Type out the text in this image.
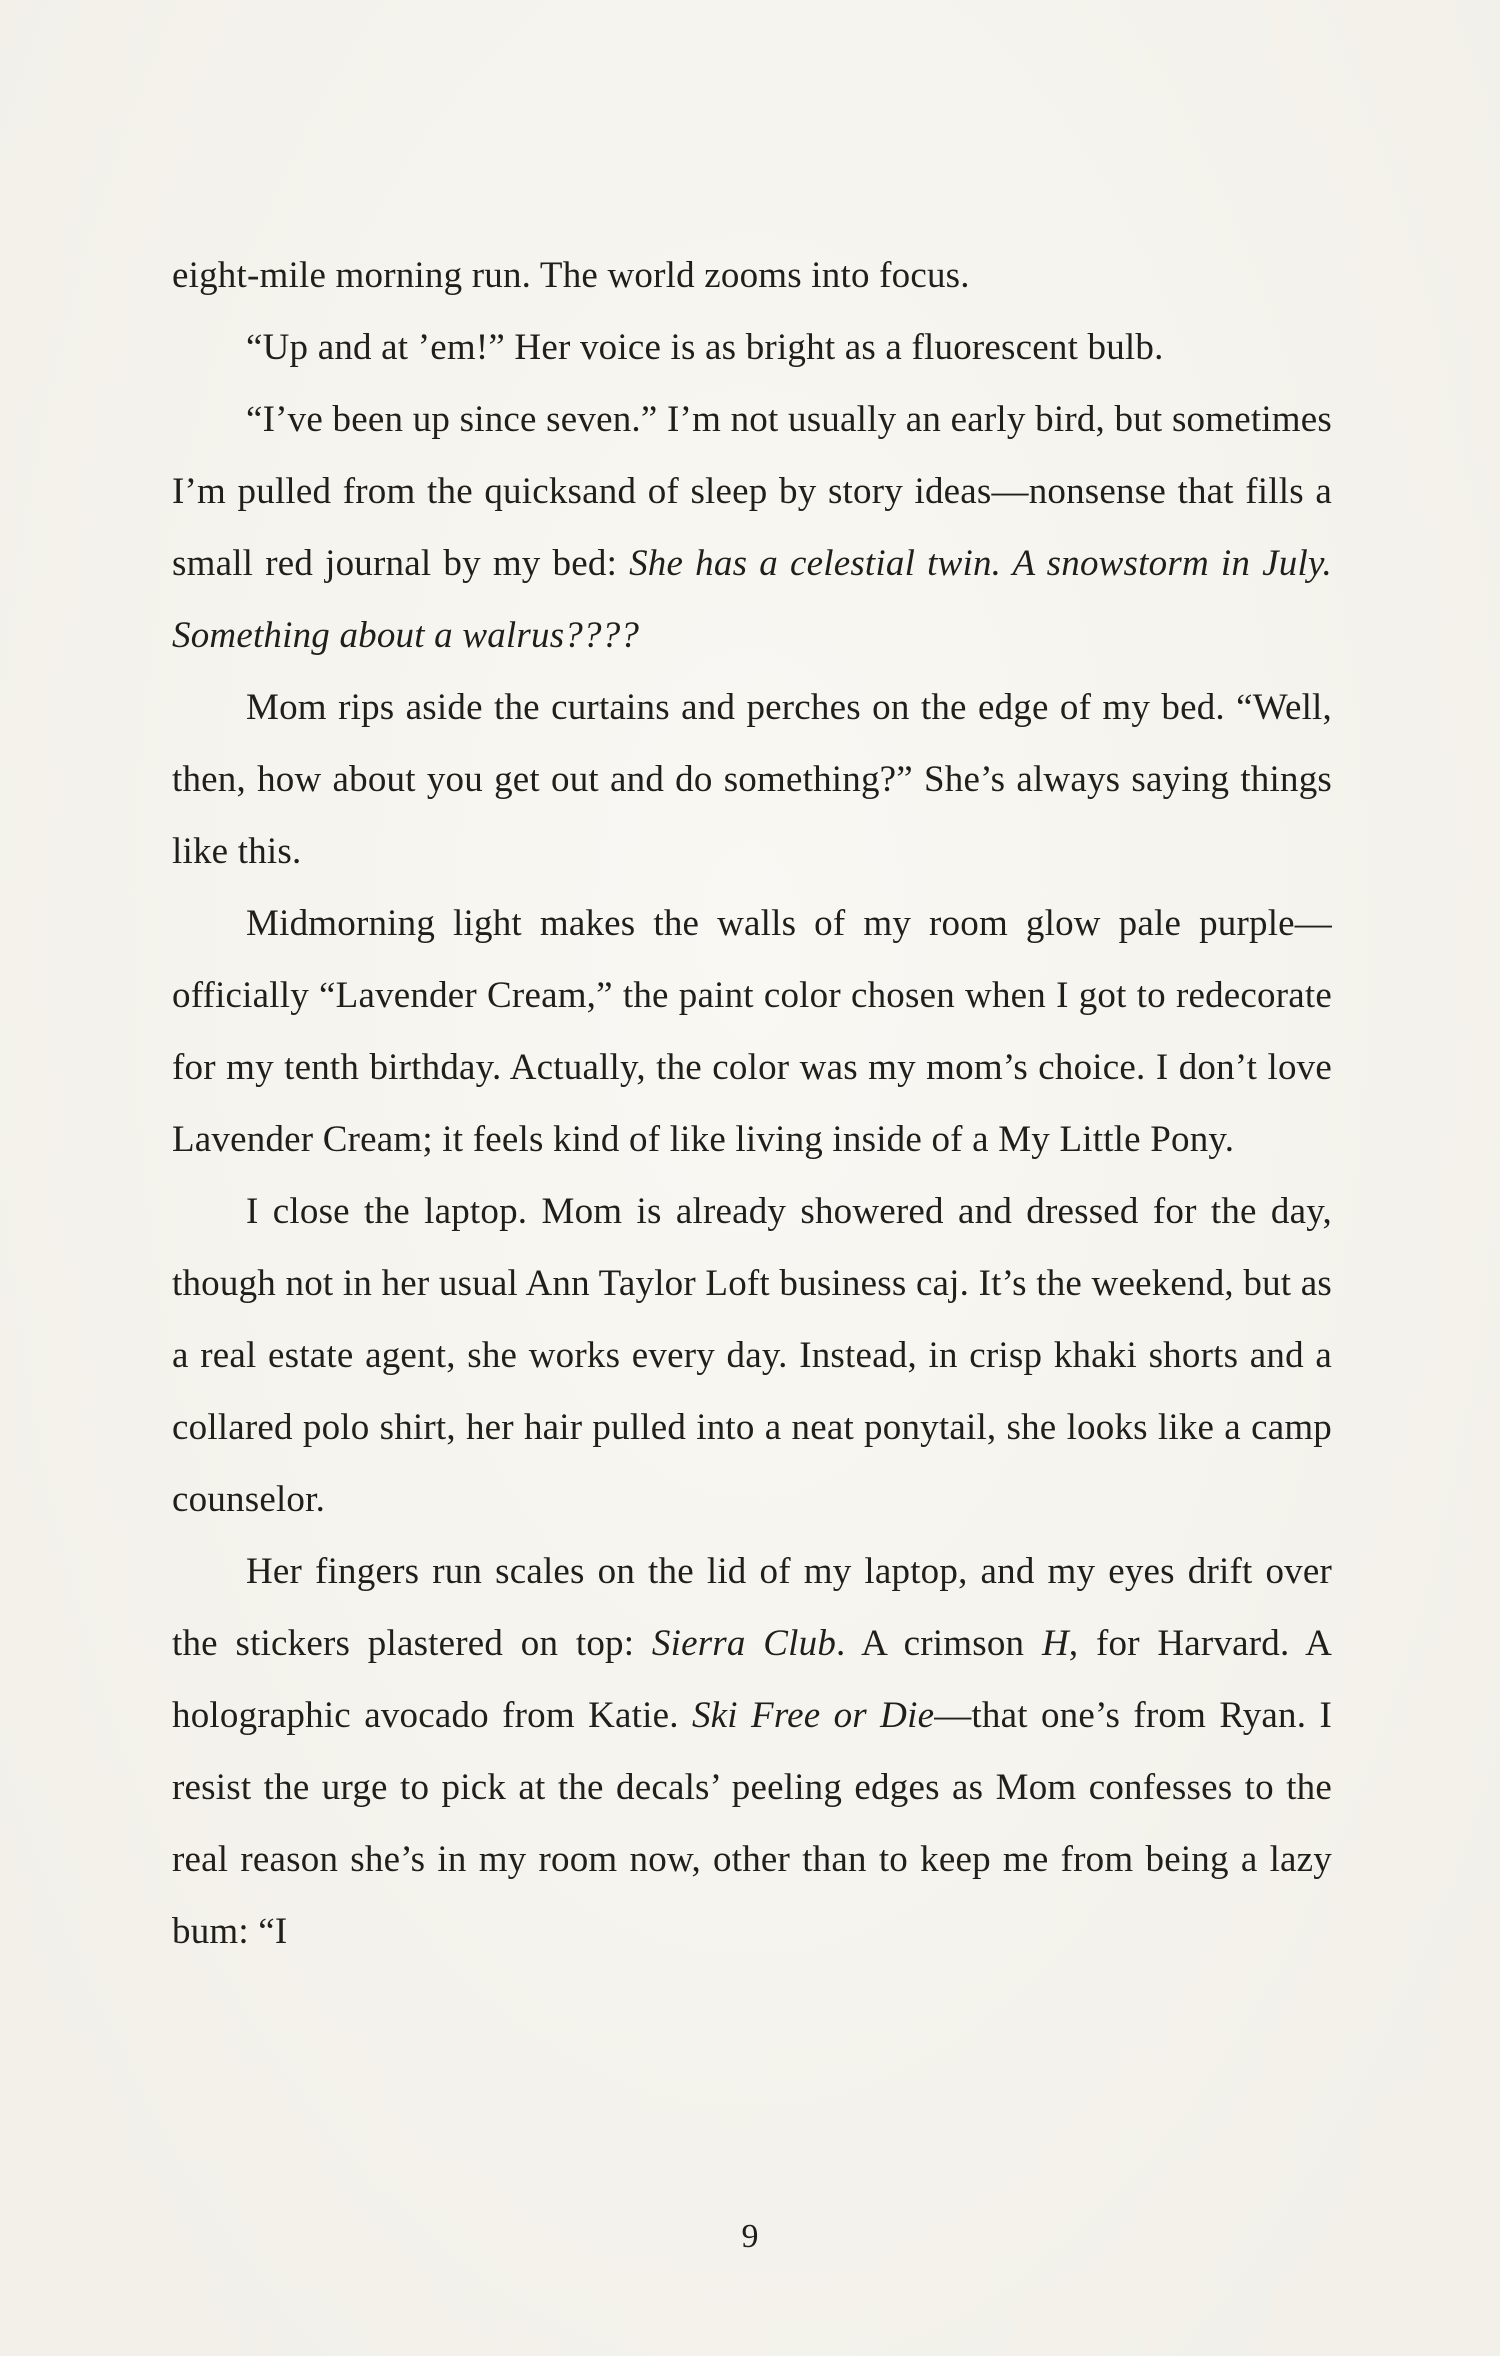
eight-mile morning run. The world zooms into focus.

“Up and at ’em!” Her voice is as bright as a fluorescent bulb.

“I’ve been up since seven.” I’m not usually an early bird, but sometimes I’m pulled from the quicksand of sleep by story ideas—nonsense that fills a small red journal by my bed: She has a celestial twin. A snowstorm in July. Something about a walrus????

Mom rips aside the curtains and perches on the edge of my bed. “Well, then, how about you get out and do something?” She’s always saying things like this.

Midmorning light makes the walls of my room glow pale purple—officially “Lavender Cream,” the paint color chosen when I got to redecorate for my tenth birthday. Actually, the color was my mom’s choice. I don’t love Lavender Cream; it feels kind of like living inside of a My Little Pony.

I close the laptop. Mom is already showered and dressed for the day, though not in her usual Ann Taylor Loft business caj. It’s the weekend, but as a real estate agent, she works every day. Instead, in crisp khaki shorts and a collared polo shirt, her hair pulled into a neat ponytail, she looks like a camp counselor.

Her fingers run scales on the lid of my laptop, and my eyes drift over the stickers plastered on top: Sierra Club. A crimson H, for Harvard. A holographic avocado from Katie. Ski Free or Die—that one’s from Ryan. I resist the urge to pick at the decals’ peeling edges as Mom confesses to the real reason she’s in my room now, other than to keep me from being a lazy bum: “I

9
